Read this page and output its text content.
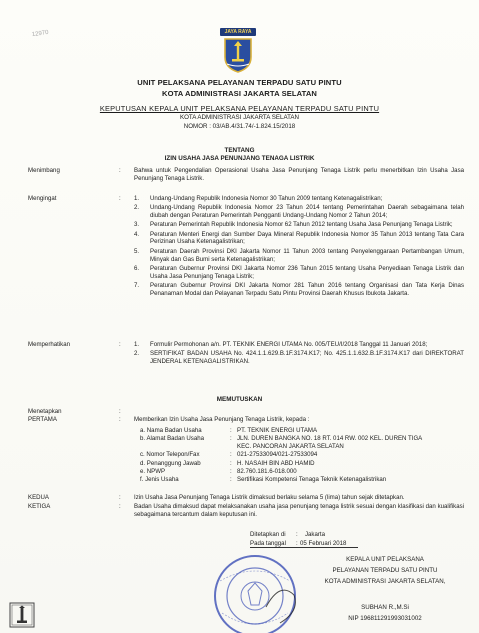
12970	JAYA RAYA
UNIT PELAKSANA PELAYANAN TERPADU SATU PINTU
KOTA ADMINISTRASI JAKARTA SELATAN
KEPUTUSAN KEPALA UNIT PELAKSANA PELAYANAN TERPADU SATU PINTU
KOTA ADMINISTRASI JAKARTA SELATAN
NOMOR : 03/AB.4/31.74/-1.824.15/2018
TENTANG
IZIN USAHA JASA PENUNJANG TENAGA LISTRIK
Menimbang	: Bahwa untuk Pengendalian Operasional Usaha Jasa Penunjang Tenaga Listrik perlu menerbitkan Izin Usaha Jasa Penunjang Tenaga Listrik.
Mengingat	: 1. Undang-Undang Republik Indonesia Nomor 30 Tahun 2009 tentang Ketenagalistrikan;
2. Undang-Undang Republik Indonesia Nomor 23 Tahun 2014 tentang Pemerintahan Daerah sebagaimana telah diubah dengan Peraturan Pemerintah Pengganti Undang-Undang Nomor 2 Tahun 2014;
3. Peraturan Pemerintah Republik Indonesia Nomor 62 Tahun 2012 tentang Usaha Jasa Penunjang Tenaga Listrik;
4. Peraturan Menteri Energi dan Sumber Daya Mineral Republik Indonesia Nomor 35 Tahun 2013 tentang Tata Cara Perizinan Usaha Ketenagalistrikan;
5. Peraturan Daerah Provinsi DKI Jakarta Nomor 11 Tahun 2003 tentang Penyelenggaraan Pertambangan Umum, Minyak dan Gas Bumi serta Ketenagalistrikan;
6. Peraturan Gubernur Provinsi DKI Jakarta Nomor 236 Tahun 2015 tentang Usaha Penyediaan Tenaga Listrik dan Usaha Jasa Penunjang Tenaga Listrik;
7. Peraturan Gubernur Provinsi DKI Jakarta Nomor 281 Tahun 2016 tentang Organisasi dan Tata Kerja Dinas Penanaman Modal dan Pelayanan Terpadu Satu Pintu Provinsi Daerah Khusus Ibukota Jakarta.
Memperhatikan	: 1. Formulir Permohonan a/n. PT. TEKNIK ENERGI UTAMA No. 005/TEU/I/2018 Tanggal 11 Januari 2018;
2. SERTIFIKAT BADAN USAHA No. 424.1.1.629.B.1F.3174.K17; No. 425.1.1.632.B.1F.3174.K17 dari DIREKTORAT JENDERAL KETENAGALISTRIKAN.
MEMUTUSKAN
Menetapkan	:
PERTAMA	: Memberikan Izin Usaha Jasa Penunjang Tenaga Listrik, kepada :
a. Nama Badan Usaha	: PT. TEKNIK ENERGI UTAMA
b. Alamat Badan Usaha	: JLN. DUREN BANGKA NO. 18 RT. 014 RW. 002 KEL. DUREN TIGA
KEC. PANCORAN JAKARTA SELATAN
c. Nomor Telepon/Fax	: 021-27533094/021-27533094
d. Penanggung Jawab	: H. NASAIH BIN ABD HAMID
e. NPWP	: 82.760.181.6-018.000
f. Jenis Usaha	: Sertifikasi Kompetensi Tenaga Teknik Ketenagalistrikan
KEDUA	: Izin Usaha Jasa Penunjang Tenaga Listrik dimaksud berlaku selama 5 (lima) tahun sejak ditetapkan.
KETIGA	: Badan Usaha dimaksud dapat melaksanakan usaha jasa penunjang tenaga listrik sesuai dengan klasifikasi dan kualifikasi sebagaimana tercantum dalam keputusan ini.
Ditetapkan di : Jakarta
Pada tanggal : 05 Februari 2018
KEPALA UNIT PELAKSANA
PELAYANAN TERPADU SATU PINTU
KOTA ADMINISTRASI JAKARTA SELATAN,
SUBHAN R.,M.Si
NIP 196811291993031002
